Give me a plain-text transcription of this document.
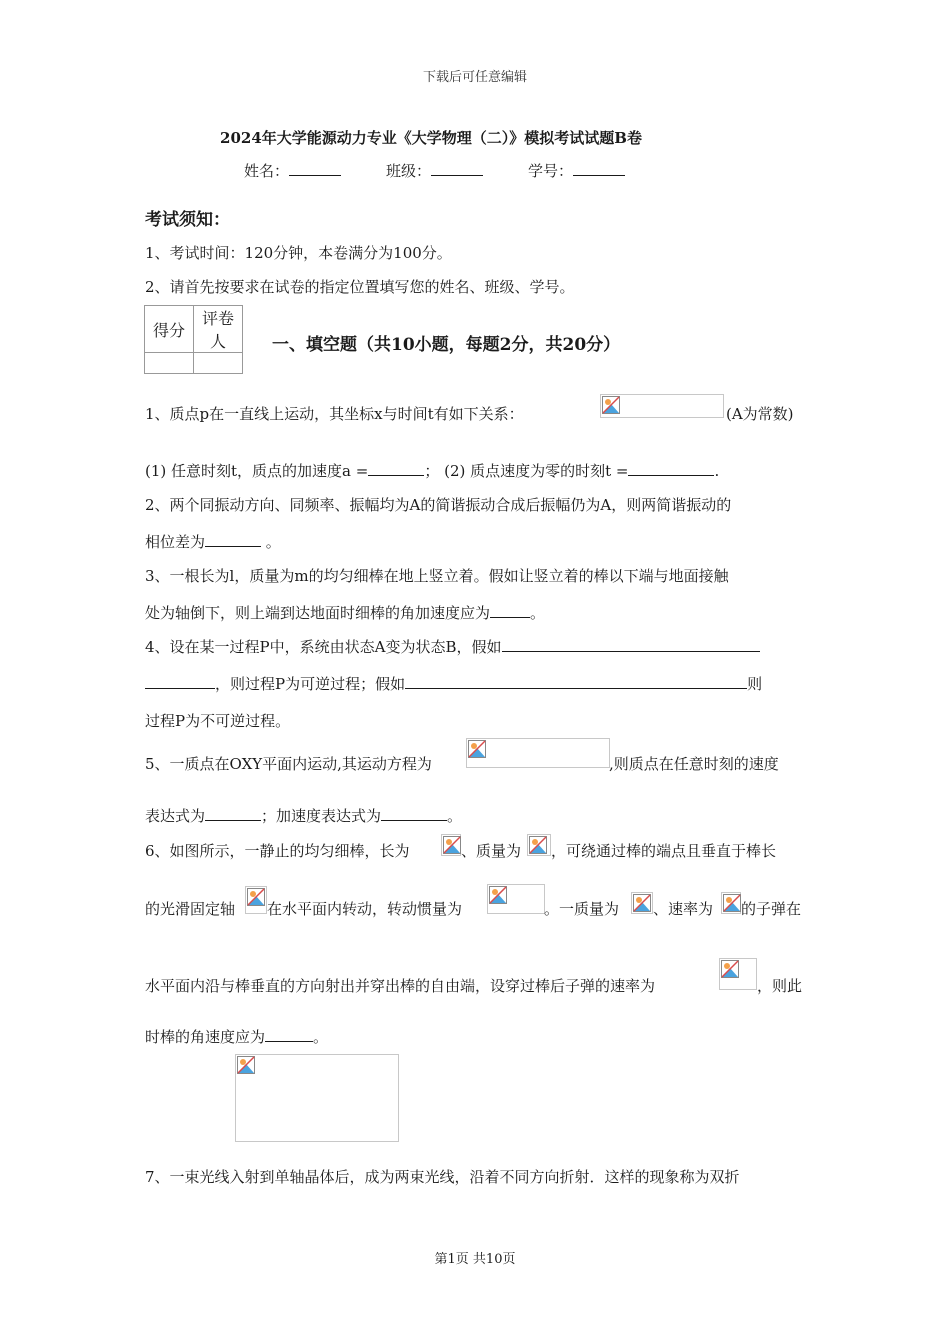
下载后可任意编辑
2024年大学能源动力专业《大学物理（二）》模拟考试试题B卷
姓名：	班级：	学号：
考试须知：
1、考试时间：120分钟，本卷满分为100分。
2、请首先按要求在试卷的指定位置填写您的姓名、班级、学号。
得分	评卷人
		一、填空题（共10小题，每题2分，共20分）
1、质点p在一直线上运动，其坐标x与时间t有如下关系：	(A为常数)
(1) 任意时刻t，质点的加速度a =	； (2) 质点速度为零的时刻t =	.
2、两个同振动方向、同频率、振幅均为A的简谐振动合成后振幅仍为A，则两简谐振动的
相位差为	。
3、一根长为l，质量为m的均匀细棒在地上竖立着。假如让竖立着的棒以下端与地面接触
处为轴倒下，则上端到达地面时细棒的角加速度应为	。
4、设在某一过程P中，系统由状态A变为状态B，假如
，则过程P为可逆过程；假如	则
过程P为不可逆过程。
5、一质点在OXY平面内运动,其运动方程为	,则质点在任意时刻的速度
表达式为	；加速度表达式为	。
6、如图所示，一静止的均匀细棒，长为	、质量为 ，可绕通过棒的端点且垂直于棒长
的光滑固定轴 在水平面内转动，转动惯量为	。一质量为 、速率为 的子弹在
水平面内沿与棒垂直的方向射出并穿出棒的自由端，设穿过棒后子弹的速率为	，则此
时棒的角速度应为	。
7、一束光线入射到单轴晶体后，成为两束光线，沿着不同方向折射．这样的现象称为双折
第1页 共10页
